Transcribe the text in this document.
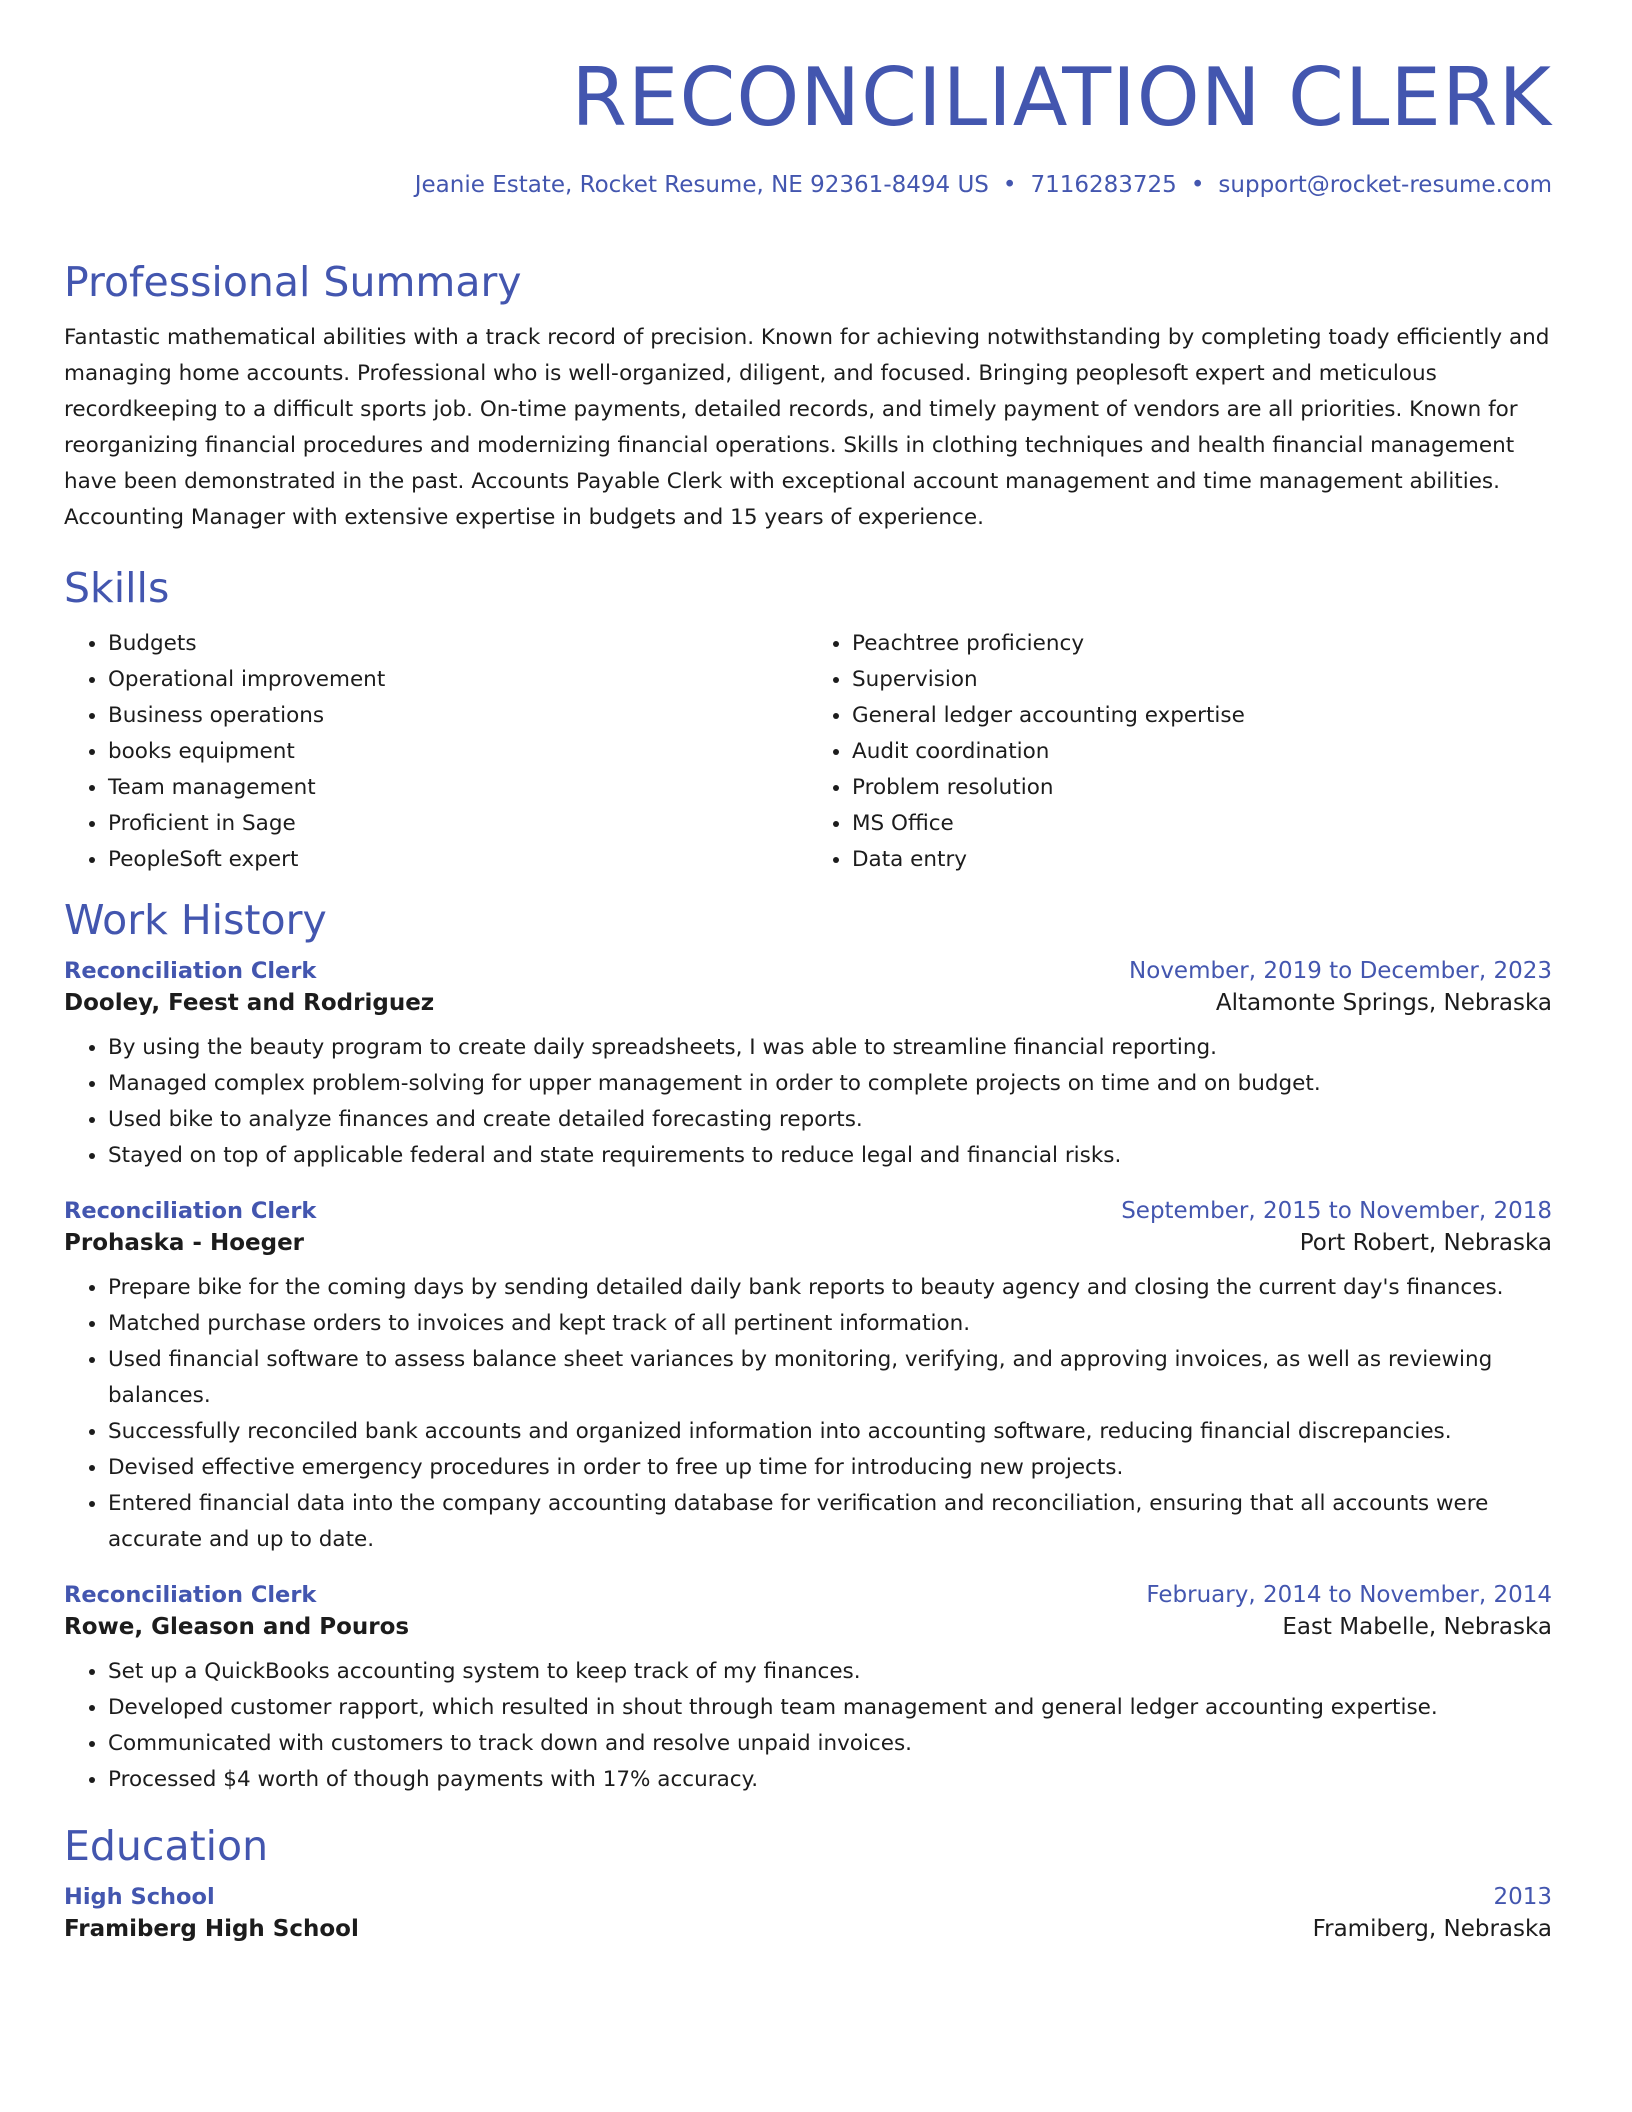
RECONCILIATION CLERK
Jeanie Estate, Rocket Resume, NE 92361-8494 US • 7116283725 • support@rocket-resume.com
Professional Summary

Fantastic mathematical abilities with a track record of precision. Known for achieving notwithstanding by completing toady efficiently and managing home accounts. Professional who is well-organized, diligent, and focused. Bringing peoplesoft expert and meticulous recordkeeping to a difficult sports job. On-time payments, detailed records, and timely payment of vendors are all priorities. Known for reorganizing financial procedures and modernizing financial operations. Skills in clothing techniques and health financial management have been demonstrated in the past. Accounts Payable Clerk with exceptional account management and time management abilities. Accounting Manager with extensive expertise in budgets and 15 years of experience.

Skills
• Budgets
• Operational improvement
• Business operations
• books equipment
• Team management
• Proficient in Sage
• PeopleSoft expert
• Peachtree proficiency
• Supervision
• General ledger accounting expertise
• Audit coordination
• Problem resolution
• MS Office
• Data entry
Work History
Reconciliation Clerk	November, 2019 to December, 2023
Dooley, Feest and Rodriguez	Altamonte Springs, Nebraska
• By using the beauty program to create daily spreadsheets, I was able to streamline financial reporting.
• Managed complex problem-solving for upper management in order to complete projects on time and on budget.
• Used bike to analyze finances and create detailed forecasting reports.
• Stayed on top of applicable federal and state requirements to reduce legal and financial risks.
Reconciliation Clerk	September, 2015 to November, 2018
Prohaska - Hoeger	Port Robert, Nebraska
• Prepare bike for the coming days by sending detailed daily bank reports to beauty agency and closing the current day's finances.
• Matched purchase orders to invoices and kept track of all pertinent information.
• Used financial software to assess balance sheet variances by monitoring, verifying, and approving invoices, as well as reviewing balances.
• Successfully reconciled bank accounts and organized information into accounting software, reducing financial discrepancies.
• Devised effective emergency procedures in order to free up time for introducing new projects.
• Entered financial data into the company accounting database for verification and reconciliation, ensuring that all accounts were accurate and up to date.
Reconciliation Clerk	February, 2014 to November, 2014
Rowe, Gleason and Pouros	East Mabelle, Nebraska
• Set up a QuickBooks accounting system to keep track of my finances.
• Developed customer rapport, which resulted in shout through team management and general ledger accounting expertise.
• Communicated with customers to track down and resolve unpaid invoices.
• Processed $4 worth of though payments with 17% accuracy.
Education
High School	2013
Framiberg High School	Framiberg, Nebraska
